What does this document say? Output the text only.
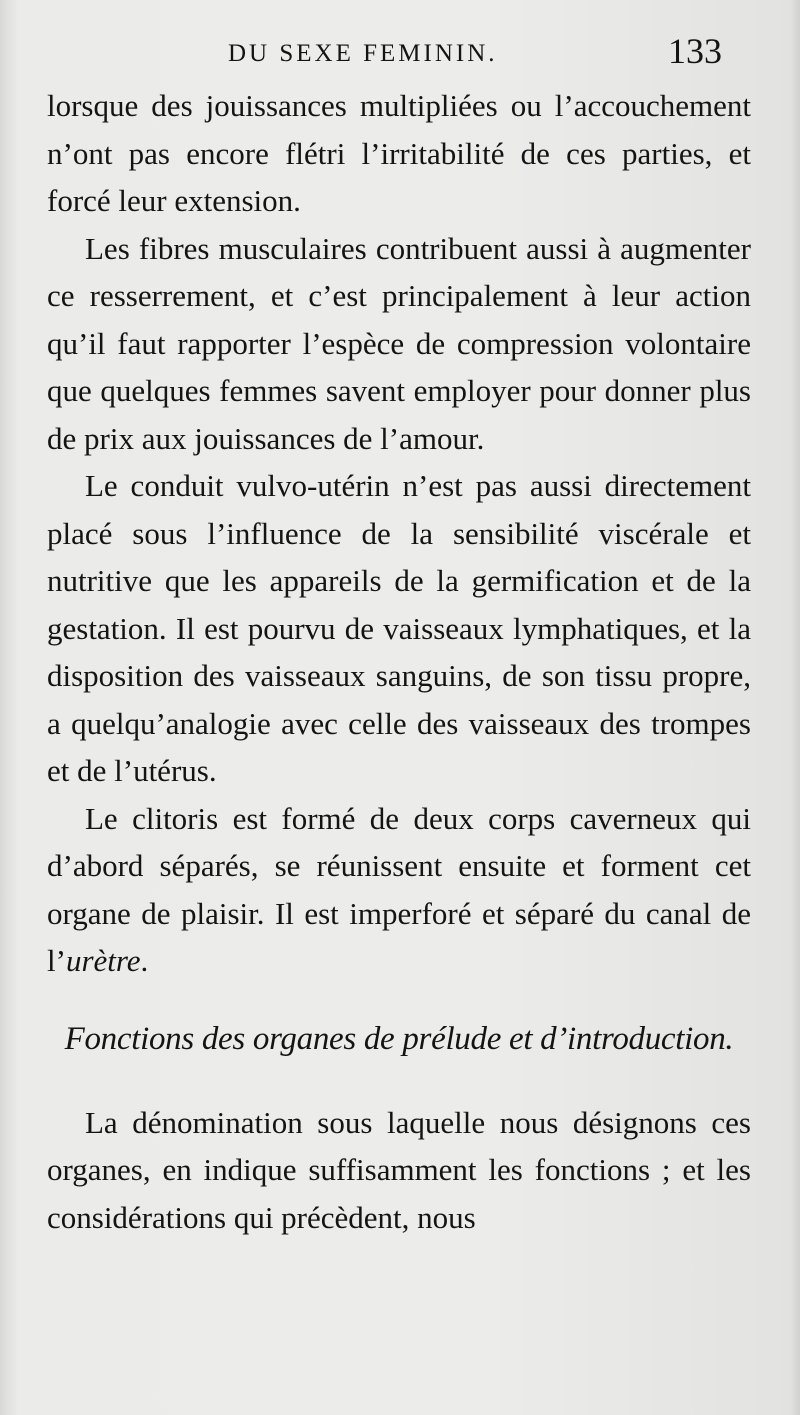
DU SEXE FEMININ.	133

lorsque des jouissances multipliées ou l’accouchement n’ont pas encore flétri l’irritabilité de ces parties, et forcé leur extension.

Les fibres musculaires contribuent aussi à augmenter ce resserrement, et c’est principalement à leur action qu’il faut rapporter l’espèce de compression volontaire que quelques femmes savent employer pour donner plus de prix aux jouissances de l’amour.

Le conduit vulvo-utérin n’est pas aussi directement placé sous l’influence de la sensibilité viscérale et nutritive que les appareils de la germification et de la gestation. Il est pourvu de vaisseaux lymphatiques, et la disposition des vaisseaux sanguins, de son tissu propre, a quelqu’analogie avec celle des vaisseaux des trompes et de l’utérus.

Le clitoris est formé de deux corps caverneux qui d’abord séparés, se réunissent ensuite et forment cet organe de plaisir. Il est imperforé et séparé du canal de l’urètre.

Fonctions des organes de prélude et d’introduction.

La dénomination sous laquelle nous désignons ces organes, en indique suffisamment les fonctions ; et les considérations qui précèdent, nous
